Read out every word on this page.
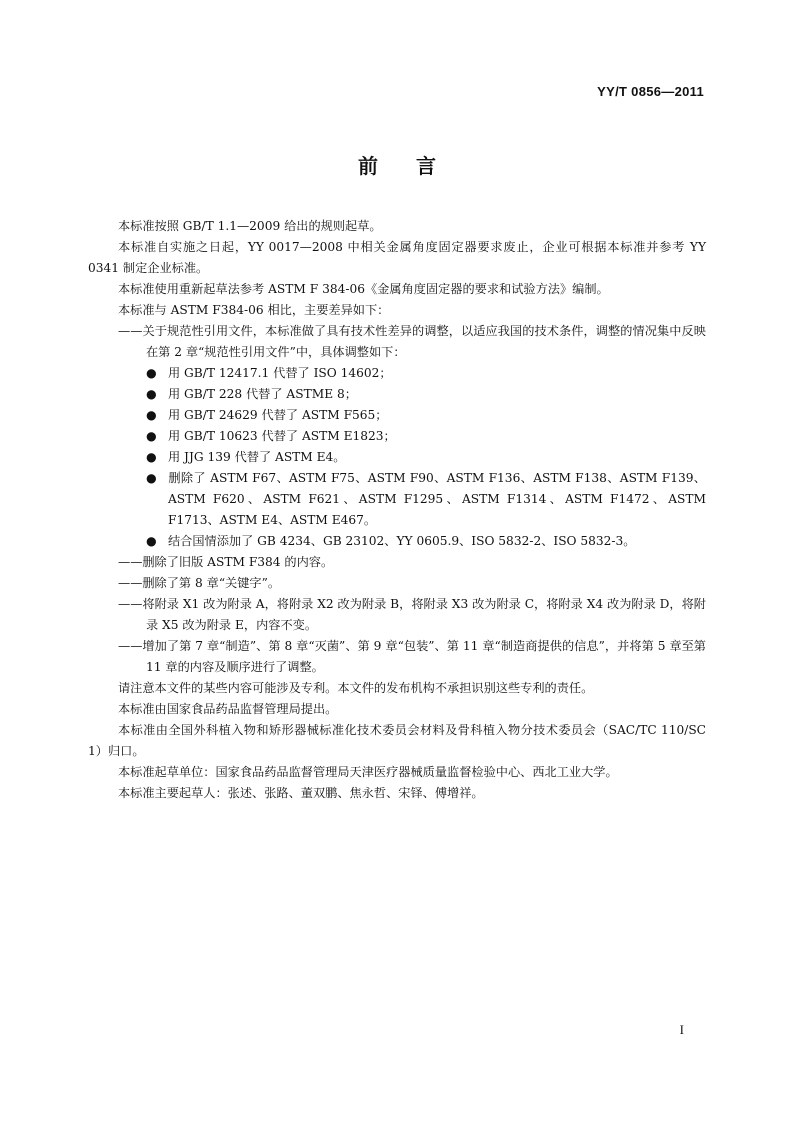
YY/T 0856—2011
前言

本标准按照 GB/T 1.1—2009 给出的规则起草。

本标准自实施之日起，YY 0017—2008 中相关金属角度固定器要求废止，企业可根据本标准并参考 YY 0341 制定企业标准。

本标准使用重新起草法参考 ASTM F 384-06《金属角度固定器的要求和试验方法》编制。

本标准与 ASTM F384-06 相比，主要差异如下：

——关于规范性引用文件，本标准做了具有技术性差异的调整，以适应我国的技术条件，调整的情况集中反映在第 2 章“规范性引用文件”中，具体调整如下：

● 用 GB/T 12417.1 代替了 ISO 14602；

● 用 GB/T 228 代替了 ASTME 8；

● 用 GB/T 24629 代替了 ASTM F565；

● 用 GB/T 10623 代替了 ASTM E1823；

● 用 JJG 139 代替了 ASTM E4。

● 删除了 ASTM F67、ASTM F75、ASTM F90、ASTM F136、ASTM F138、ASTM F139、ASTM F620、ASTM F621、ASTM F1295、ASTM F1314、ASTM F1472、ASTM F1713、ASTM E4、ASTM E467。

● 结合国情添加了 GB 4234、GB 23102、YY 0605.9、ISO 5832-2、ISO 5832-3。

——删除了旧版 ASTM F384 的内容。

——删除了第 8 章“关键字”。

——将附录 X1 改为附录 A，将附录 X2 改为附录 B，将附录 X3 改为附录 C，将附录 X4 改为附录 D，将附录 X5 改为附录 E，内容不变。

——增加了第 7 章“制造”、第 8 章“灭菌”、第 9 章“包装”、第 11 章“制造商提供的信息”，并将第 5 章至第 11 章的内容及顺序进行了调整。

请注意本文件的某些内容可能涉及专利。本文件的发布机构不承担识别这些专利的责任。

本标准由国家食品药品监督管理局提出。

本标准由全国外科植入物和矫形器械标准化技术委员会材料及骨科植入物分技术委员会（SAC/TC 110/SC 1）归口。

本标准起草单位：国家食品药品监督管理局天津医疗器械质量监督检验中心、西北工业大学。

本标准主要起草人：张述、张路、董双鹏、焦永哲、宋铎、傅增祥。

I
